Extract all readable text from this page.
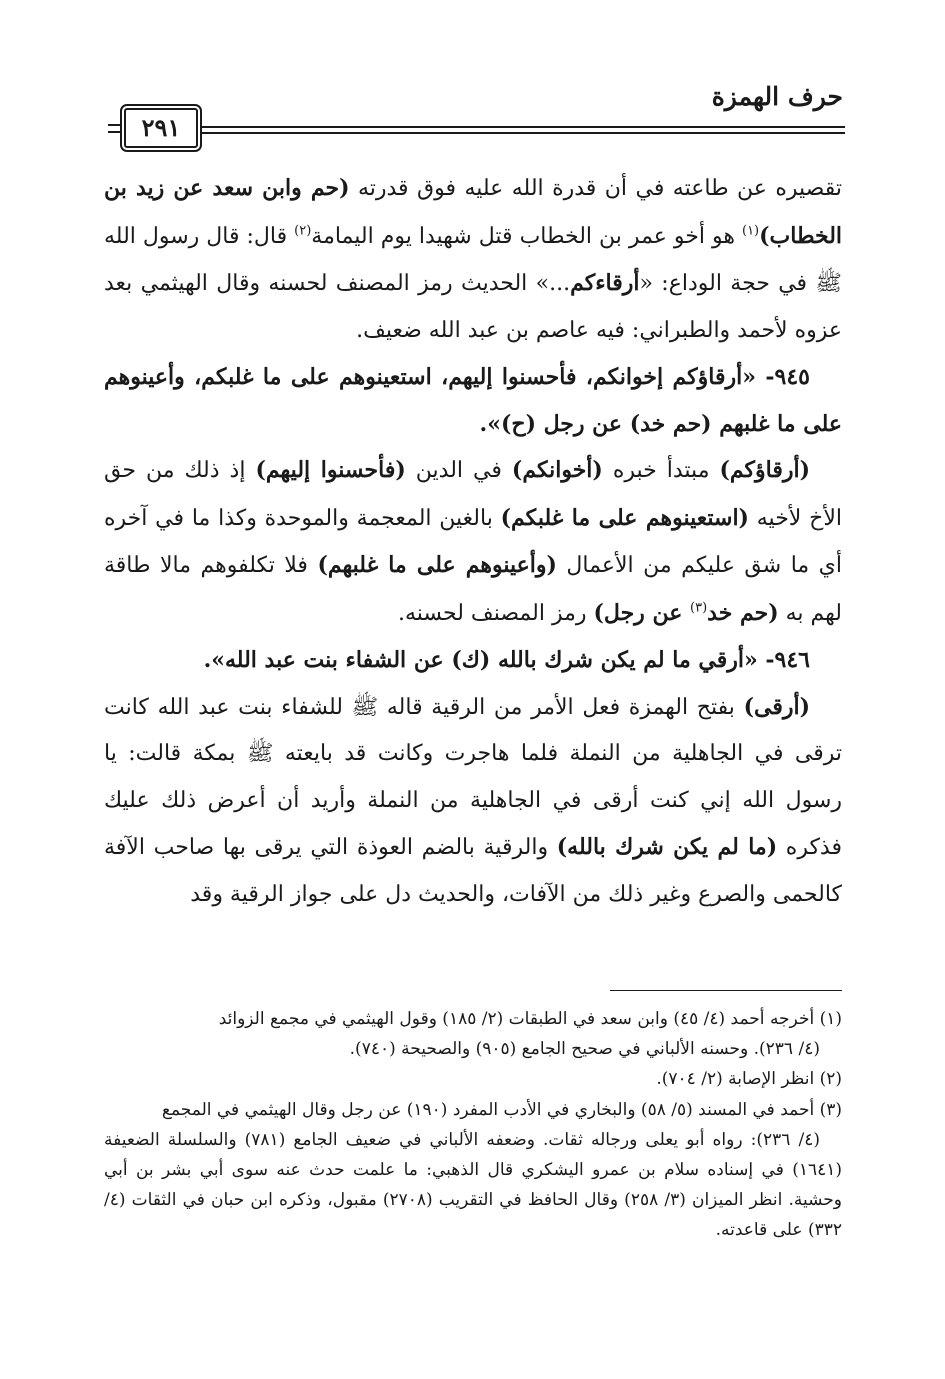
حرف الهمزة
٢٩١

تقصيره عن طاعته في أن قدرة الله عليه فوق قدرته (حم وابن سعد عن زيد بن الخطاب)$^{(١)}$ هو أخو عمر بن الخطاب قتل شهيدا يوم اليمامة$^{(٢)}$ قال: قال رسول الله ﷺ في حجة الوداع: «أرقاءكم...» الحديث رمز المصنف لحسنه وقال الهيثمي بعد عزوه لأحمد والطبراني: فيه عاصم بن عبد الله ضعيف.

٩٤٥- «أرقاؤكم إخوانكم، فأحسنوا إليهم، استعينوهم على ما غلبكم، وأعينوهم على ما غلبهم (حم خد) عن رجل (ح)».

(أرقاؤكم) مبتدأ خبره (أخوانكم) في الدين (فأحسنوا إليهم) إذ ذلك من حق الأخ لأخيه (استعينوهم على ما غلبكم) بالغين المعجمة والموحدة وكذا ما في آخره أي ما شق عليكم من الأعمال (وأعينوهم على ما غلبهم) فلا تكلفوهم مالا طاقة لهم به (حم خد$^{(٣)}$ عن رجل) رمز المصنف لحسنه.

٩٤٦- «أرقي ما لم يكن شرك بالله (ك) عن الشفاء بنت عبد الله».

(أرقى) بفتح الهمزة فعل الأمر من الرقية قاله ﷺ للشفاء بنت عبد الله كانت ترقى في الجاهلية من النملة فلما هاجرت وكانت قد بايعته ﷺ بمكة قالت: يا رسول الله إني كنت أرقى في الجاهلية من النملة وأريد أن أعرض ذلك عليك فذكره (ما لم يكن شرك بالله) والرقية بالضم العوذة التي يرقى بها صاحب الآفة كالحمى والصرع وغير ذلك من الآفات، والحديث دل على جواز الرقية وقد

(١) أخرجه أحمد (٤/ ٤٥) وابن سعد في الطبقات (٢/ ١٨٥) وقول الهيثمي في مجمع الزوائد

(٤/ ٢٣٦). وحسنه الألباني في صحيح الجامع (٩٠٥) والصحيحة (٧٤٠).

(٢) انظر الإصابة (٢/ ٧٠٤).

(٣) أحمد في المسند (٥/ ٥٨) والبخاري في الأدب المفرد (١٩٠) عن رجل وقال الهيثمي في المجمع

(٤/ ٢٣٦): رواه أبو يعلى ورجاله ثقات. وضعفه الألباني في ضعيف الجامع (٧٨١) والسلسلة الضعيفة (١٦٤١) في إسناده سلام بن عمرو اليشكري قال الذهبي: ما علمت حدث عنه سوى أبي بشر بن أبي وحشية. انظر الميزان (٣/ ٢٥٨) وقال الحافظ في التقريب (٢٧٠٨) مقبول، وذكره ابن حبان في الثقات (٤/ ٣٣٢) على قاعدته.
